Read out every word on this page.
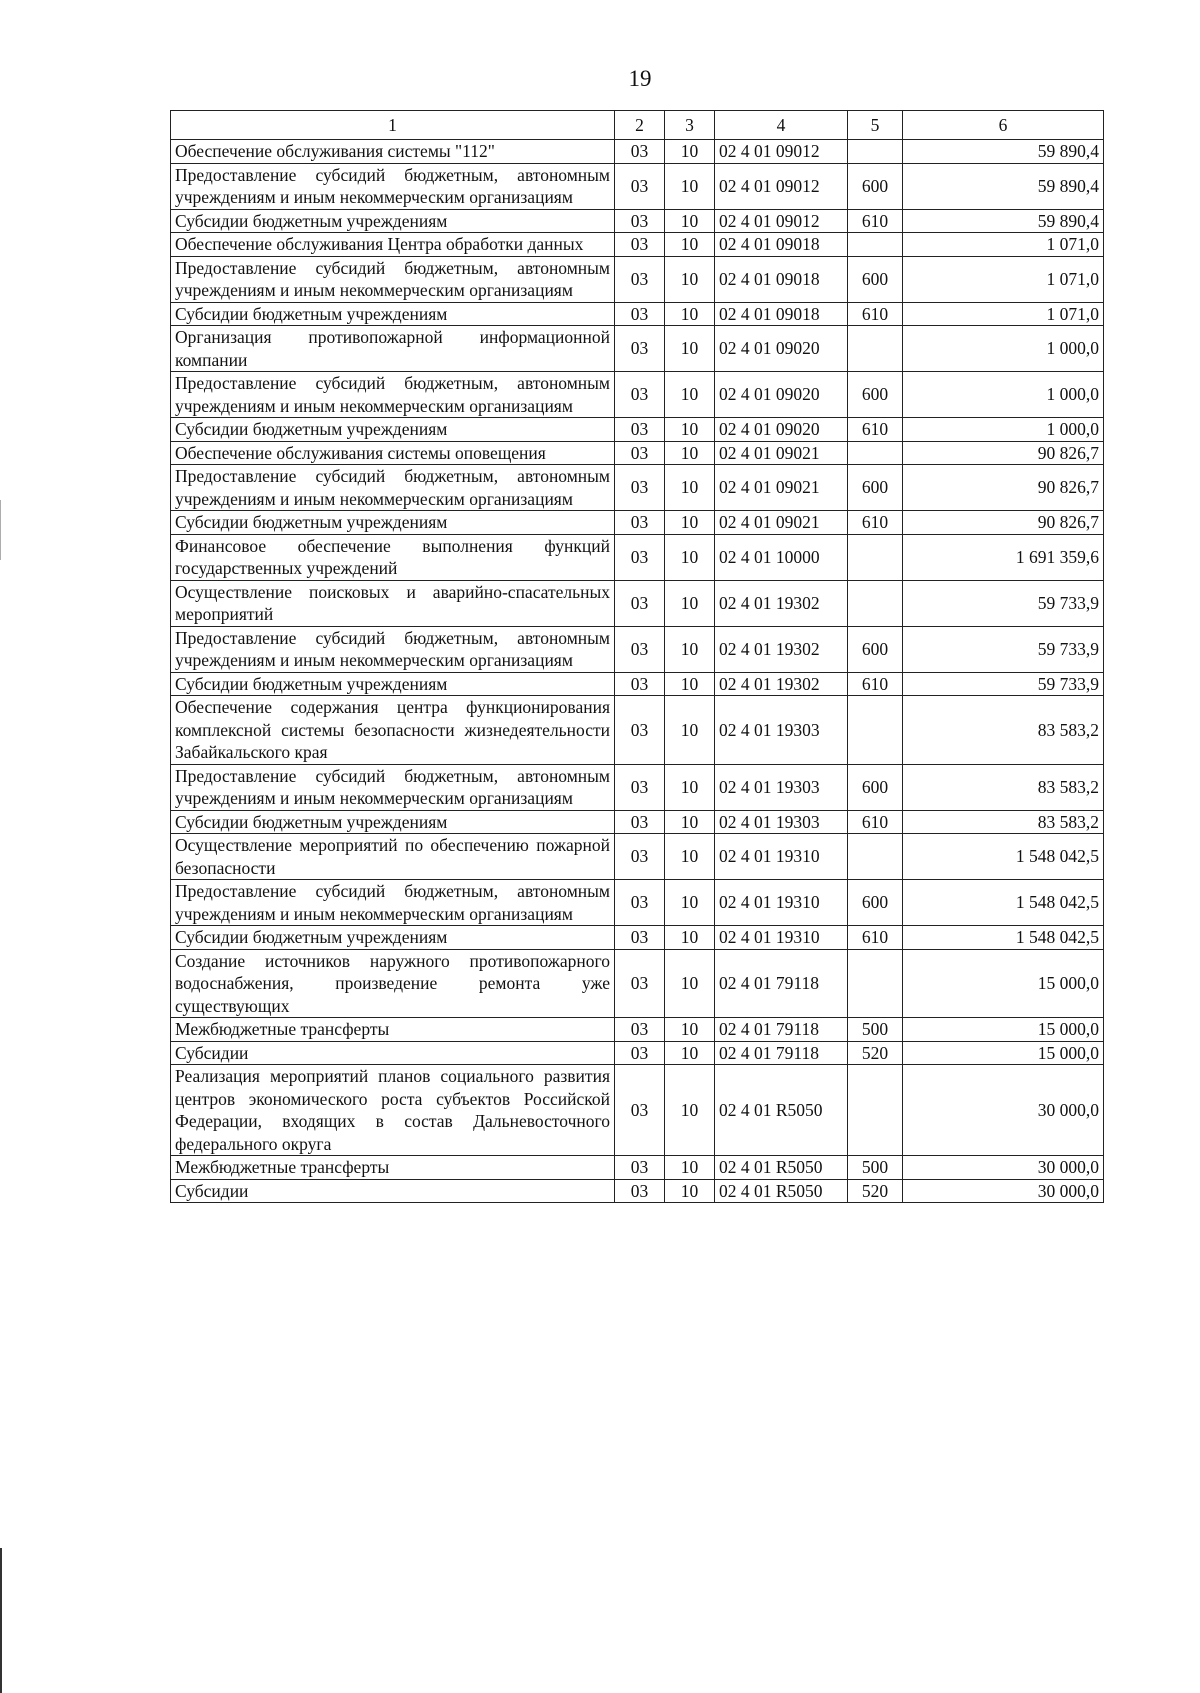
19
1	2	3	4	5	6
Обеспечение обслуживания системы "112"	03	10	02 4 01 09012		59 890,4
Предоставление субсидий бюджетным, автономным учреждениям и иным некоммерческим организациям	03	10	02 4 01 09012	600	59 890,4
Субсидии бюджетным учреждениям	03	10	02 4 01 09012	610	59 890,4
Обеспечение обслуживания Центра обработки данных	03	10	02 4 01 09018		1 071,0
Предоставление субсидий бюджетным, автономным учреждениям и иным некоммерческим организациям	03	10	02 4 01 09018	600	1 071,0
Субсидии бюджетным учреждениям	03	10	02 4 01 09018	610	1 071,0
Организация противопожарной информационной компании	03	10	02 4 01 09020		1 000,0
Предоставление субсидий бюджетным, автономным учреждениям и иным некоммерческим организациям	03	10	02 4 01 09020	600	1 000,0
Субсидии бюджетным учреждениям	03	10	02 4 01 09020	610	1 000,0
Обеспечение обслуживания системы оповещения	03	10	02 4 01 09021		90 826,7
Предоставление субсидий бюджетным, автономным учреждениям и иным некоммерческим организациям	03	10	02 4 01 09021	600	90 826,7
Субсидии бюджетным учреждениям	03	10	02 4 01 09021	610	90 826,7
Финансовое обеспечение выполнения функций государственных учреждений	03	10	02 4 01 10000		1 691 359,6
Осуществление поисковых и аварийно-спасательных мероприятий	03	10	02 4 01 19302		59 733,9
Предоставление субсидий бюджетным, автономным учреждениям и иным некоммерческим организациям	03	10	02 4 01 19302	600	59 733,9
Субсидии бюджетным учреждениям	03	10	02 4 01 19302	610	59 733,9
Обеспечение содержания центра функционирования комплексной системы безопасности жизнедеятельности Забайкальского края	03	10	02 4 01 19303		83 583,2
Предоставление субсидий бюджетным, автономным учреждениям и иным некоммерческим организациям	03	10	02 4 01 19303	600	83 583,2
Субсидии бюджетным учреждениям	03	10	02 4 01 19303	610	83 583,2
Осуществление мероприятий по обеспечению пожарной безопасности	03	10	02 4 01 19310		1 548 042,5
Предоставление субсидий бюджетным, автономным учреждениям и иным некоммерческим организациям	03	10	02 4 01 19310	600	1 548 042,5
Субсидии бюджетным учреждениям	03	10	02 4 01 19310	610	1 548 042,5
Создание источников наружного противопожарного водоснабжения, произведение ремонта уже существующих	03	10	02 4 01 79118		15 000,0
Межбюджетные трансферты	03	10	02 4 01 79118	500	15 000,0
Субсидии	03	10	02 4 01 79118	520	15 000,0
Реализация мероприятий планов социального развития центров экономического роста субъектов Российской Федерации, входящих в состав Дальневосточного федерального округа	03	10	02 4 01 R5050		30 000,0
Межбюджетные трансферты	03	10	02 4 01 R5050	500	30 000,0
Субсидии	03	10	02 4 01 R5050	520	30 000,0
